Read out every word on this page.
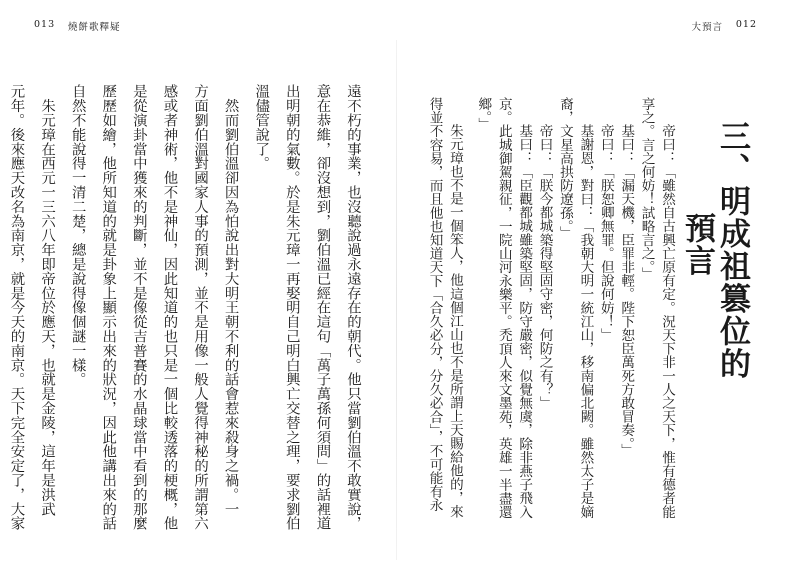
013 燒餅歌釋疑
遠不朽的事業，也沒聽說過永遠存在的朝代。他只當劉伯溫不敢實說，
意在恭維，卻沒想到，劉伯溫已經在這句「萬子萬孫何須問」的話裡道
出明朝的氣數。於是朱元璋一再娶明自己明白興亡交替之理，要求劉伯
溫儘管說了。
　然而劉伯溫卻因為怕說出對大明王朝不利的話會惹來殺身之禍。一
方面劉伯溫對國家人事的預測，並不是用像一般人覺得神秘的所謂第六
感或者神術，他不是神仙，因此知道的也只是一個比較透落的梗概，他
是從演卦當中獲來的判斷，並不是像從吉普賽的水晶球當中看到的那麼
歷歷如繪，他所知道的就是卦象上顯示出來的狀況，因此他講出來的話
自然不能說得一清二楚，總是說得像個謎一樣。
　朱元璋在西元一三六八年即帝位於應天，也就是金陵，這年是洪武
元年。後來應天改名為南京，就是今天的南京。天下完全安定了，大家
大預言 012
三、明成祖篡位的
預言
帝曰：「雖然自古興亡原有定。況天下非一人之天下，惟有德者能
享之。言之何妨！試略言之。」
基曰：「漏天機，臣罪非輕。陛下恕臣萬死方敢冒奏。」
帝曰：「朕恕卿無罪。但說何妨！」
基謝恩，對曰：「我朝大明一統江山，移南偏北闕。雖然太子是嫡
裔，文星高拱防遼孫。」
帝曰：「朕今都城築得堅固守密，何防之有？」
基曰：「臣觀都城雖築堅固，防守嚴密，似覺無虞，除非燕子飛入
京。此城御駕親征，一院山河永樂平。禿頂人來文墨苑，英雄一半盡還
鄉。」
　朱元璋也不是一個笨人，他這個江山也不是所謂上天賜給他的，來
得並不容易，而且他也知道天下「合久必分，分久必合」，不可能有永
